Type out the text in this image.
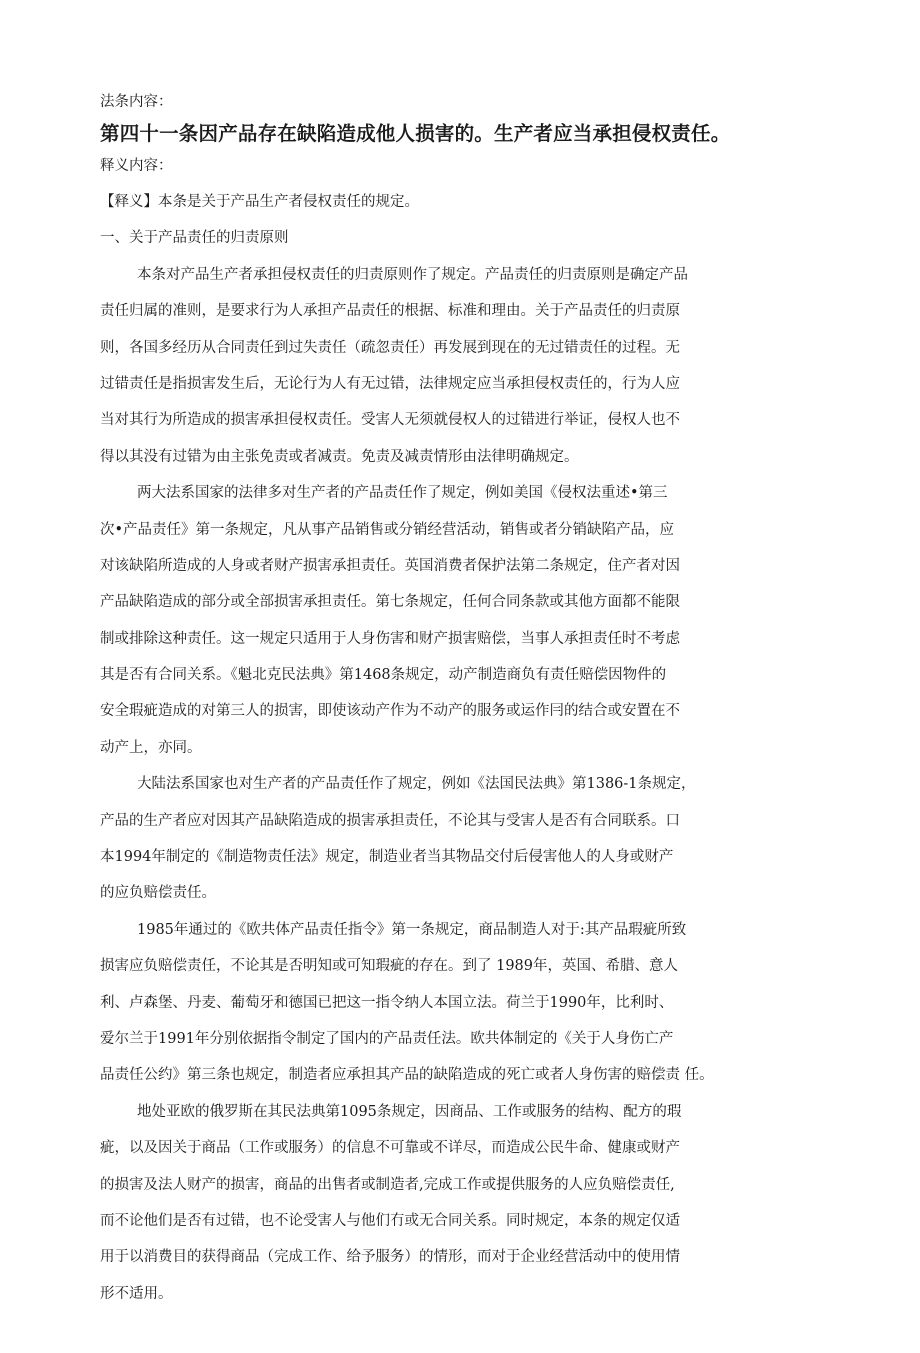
法条内容：
第四十一条因产品存在缺陷造成他人损害的。生产者应当承担侵权责任。
释义内容：
【释义】本条是关于产品生产者侵权责任的规定。
一、关于产品责任的归责原则
本条对产品生产者承担侵权责任的归责原则作了规定。产品责任的归责原则是确定产品
责任归属的准则，是要求行为人承担产品责任的根据、标准和理由。关于产品责任的归责原
则，各国多经历从合同责任到过失责任（疏忽责任）再发展到现在的无过错责任的过程。无
过错责任是指损害发生后，无论行为人有无过错，法律规定应当承担侵权责任的，行为人应
当对其行为所造成的损害承担侵权责任。受害人无须就侵权人的过错进行举证，侵权人也不
得以其没有过错为由主张免责或者减责。免责及减责情形由法律明确规定。
两大法系国家的法律多对生产者的产品责任作了规定，例如美国《侵权法重述•第三
次•产品责任》第一条规定，凡从事产品销售或分销经营活动，销售或者分销缺陷产品，应
对该缺陷所造成的人身或者财产损害承担责任。英国消费者保护法第二条规定，住产者对因
产品缺陷造成的部分或全部损害承担责任。第七条规定，任何合同条款或其他方面都不能限
制或排除这种责任。这一规定只适用于人身伤害和财产损害赔偿，当事人承担责任时不考虑
其是否有合同关系。《魁北克民法典》第1468条规定，动产制造商负有责任赔偿因物件的
安全瑕疵造成的对第三人的损害，即使该动产作为不动产的服务或运作冃的结合或安置在不
动产上，亦同。
大陆法系国家也对生产者的产品责任作了规定，例如《法国民法典》第1386-1条规定，
产品的生产者应对因其产品缺陷造成的损害承担责任，不论其与受害人是否有合同联系。口
本1994年制定的《制造物责任法》规定，制造业者当其物品交付后侵害他人的人身或财产
的应负赔偿责任。
1985年通过的《欧共体产品责任指令》第一条规定，商品制造人对于:其产品瑕疵所致
损害应负赔偿责任，不论其是否明知或可知瑕疵的存在。到了 1989年，英国、希腊、意人
利、卢森堡、丹麦、葡萄牙和德国已把这一指令纳人本国立法。荷兰于1990年，比利时、
爱尔兰于1991年分别依据指令制定了国内的产品责任法。欧共体制定的《关于人身伤亡产
品责任公约》第三条也规定，制造者应承担其产品的缺陷造成的死亡或者人身伤害的赔偿责 任。
地处亚欧的俄罗斯在其民法典第1095条规定，因商品、工作或服务的结构、配方的瑕
疵，以及因关于商品（工作或服务）的信息不可靠或不详尽，而造成公民牛命、健康或财产
的损害及法人财产的损害，商品的出售者或制造者,完成工作或提供服务的人应负赔偿责任,
而不论他们是否有过错，也不论受害人与他们冇或无合同关系。同时规定，本条的规定仅适
用于以消费目的获得商品（完成工作、给予服务）的情形，而对于企业经营活动中的使用情
形不适用。
